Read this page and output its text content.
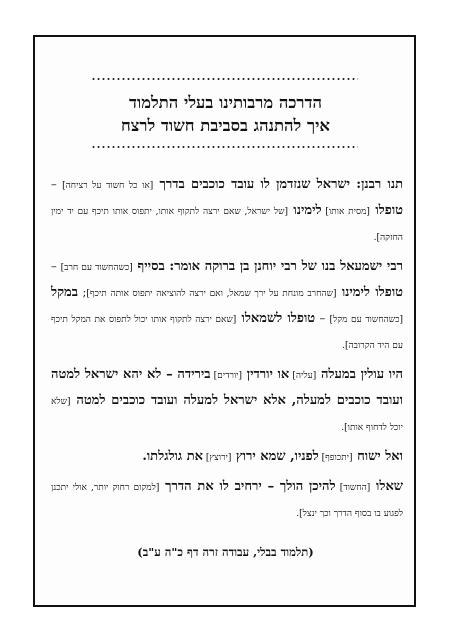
הדרכה מרבותינו בעלי התלמוד
איך להתנהג בסביבת חשוד לרצח

תנו רבנן: ישראל שנזדמן לו עובד כוכבים בדרך [או כל חשוד על רציחה] – טופלו [מסית אותו] לימינו [של ישראל, שאם ירצה לתקוף אותו, יתפוס אותו תיכף עם יד ימין החזקה].

רבי ישמעאל בנו של רבי יוחנן בן ברוקה אומר: בסייף [כשהחשוד עם חרב] – טופלו לימינו [שהחרב מונחת על ירך שמאל, ואם ירצה להוציאה יתפוס אותה תיכף]; במקל [כשהחשוד עם מקל] – טופלו לשמאלו [שאם ירצה לתקוף אותו יכול לתפוס את המקל תיכף עם היד הקרובה].

היו עולין במעלה [עליה] או יורדין [יורדים] בירידה – לא יהא ישראל למטה ועובד כוכבים למעלה, אלא ישראל למעלה ועובד כוכבים למטה [שלא יוכל לדחוף אותו].

ואל ישוח [יתכופף] לפניו, שמא ירוץ [ירוצץ] את גולגלתו.

שאלו [החשוד] להיכן הולך – ירחיב לו את הדרך [למקום רחוק יותר, אולי יתכנן לפגוע בו בסוף הדרך וכך ינצל].

(תלמוד בבלי, עבודה זרה דף כ"ה ע"ב)
